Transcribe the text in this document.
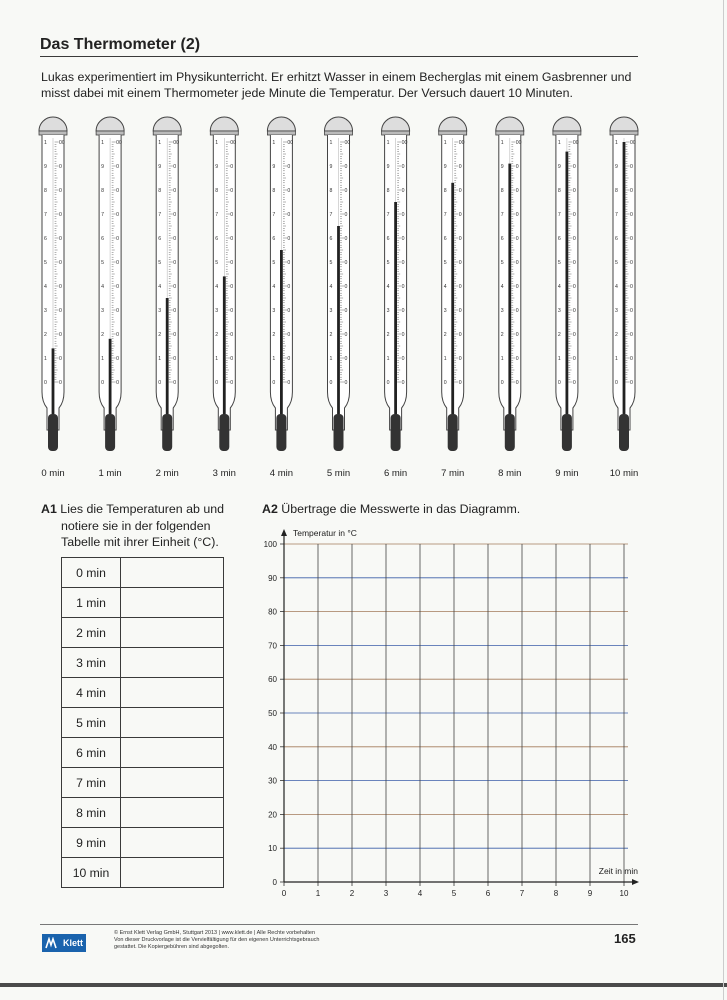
Das Thermometer (2)
Lukas experimentiert im Physikunterricht. Er erhitzt Wasser in einem Becherglas mit einem Gasbrenner und
misst dabei mit einem Thermometer jede Minute die Temperatur. Der Versuch dauert 10 Minuten.
0 0
1 0
2 0
3 0
4 0
5 0
6 0
7 0
8 0
9 0
1 00
0 min
0 0
1 0
2 0
3 0
4 0
5 0
6 0
7 0
8 0
9 0
1 00
1 min
0 0
1 0
2 0
3 0
4 0
5 0
6 0
7 0
8 0
9 0
1 00
2 min
0 0
1 0
2 0
3 0
4 0
5 0
6 0
7 0
8 0
9 0
1 00
3 min
0 0
1 0
2 0
3 0
4 0
5 0
6 0
7 0
8 0
9 0
1 00
4 min
0 0
1 0
2 0
3 0
4 0
5 0
6 0
7 0
8 0
9 0
1 00
5 min
0 0
1 0
2 0
3 0
4 0
5 0
6 0
7 0
8 0
9 0
1 00
6 min
0 0
1 0
2 0
3 0
4 0
5 0
6 0
7 0
8 0
9 0
1 00
7 min
0 0
1 0
2 0
3 0
4 0
5 0
6 0
7 0
8 0
9 0
1 00
8 min
0 0
1 0
2 0
3 0
4 0
5 0
6 0
7 0
8 0
9 0
1 00
9 min
0 0
1 0
2 0
3 0
4 0
5 0
6 0
7 0
8 0
9 0
1 00
10 min
A1 Lies die Temperaturen ab und
notiere sie in der folgenden
Tabelle mit ihrer Einheit (°C).
0 min	
1 min	
2 min	
3 min	
4 min	
5 min	
6 min	
7 min	
8 min	
9 min	
10 min	
A2 Übertrage die Messwerte in das Diagramm.
0
10
20
30
40
50
60
70
80
90
100
0	1	2	3	4	5	6	7	8	9	10
Temperatur in °C
Zeit in min
Klett
© Ernst Klett Verlag GmbH, Stuttgart 2013 | www.klett.de | Alle Rechte vorbehalten
Von dieser Druckvorlage ist die Vervielfältigung für den eigenen Unterrichtsgebrauch
gestattet. Die Kopiergebühren sind abgegolten.
165
